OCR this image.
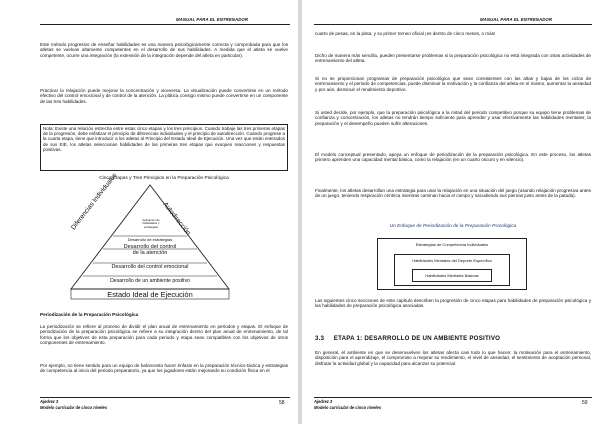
MANUAL PARA EL ENTRENADOR
Este método progresivo de enseñar habilidades es una manera psicológicamente correcta y comprobada para que los atletas se vuelvan altamente competentes en el desarrollo de sus habilidades. A medida que el atleta se vuelve competente, ocurre una integración (la extensión de la integración depende del atleta en particular).
Practicar la relajación puede mejorar la concentración y viceversa. La visualización puede convertirse en un método efectivo del control emocional y de control de la atención. La plática consigo mismo puede convertirse en un componente de las tres habilidades.
Nota: Existe una relación estrecha entre estas cinco etapas y los tres principios. Cuando trabaje las tres primeras etapas de la progresión, debe enfatizar el principio de diferencias individuales y el principio de autodirección. Cuando progrese a la cuarta etapa, tiene que introducir a los atletas al Principio del Estado Ideal de Ejecución. Una vez que están enterados de sus EIE, los atletas seleccionan habilidades de las primeras tres etapas que evoquen reacciones y respuestas positivas.
Cinco Etapas y Tres Principios en la Preparación Psicológica
Diferencias Individuales	Autodirección
Aplicación de
habilidades y
estrategias
Desarrollo de estrategias
Desarrollo del control
de la atención
Desarrollo del control emocional
Desarrollo de un ambiente positivo
Estado Ideal de Ejecución
Periodización de la Preparación Psicológica
La periodización se refiere al proceso de dividir el plan anual de entrenamiento en periodos y etapas. El enfoque de periodización de la preparación psicológica se refiere a su integración dentro del plan anual de entrenamiento, de tal forma que los objetivos de esta preparación para cada periodo y etapa sean compatibles con los objetivos de otros componentes de entrenamiento.
Por ejemplo, no tiene sentido para un equipo de baloncesto hacer énfasis en la preparación técnico-táctica y estrategias de competencia al inicio del periodo preparatorio, ya que los jugadores están mejorando su condición física en el
Ajedrez 3
Modelo curricular de cinco niveles
58
MANUAL PARA EL ENTRENADOR
cuarto de pesas, en la pista, y su primer torneo oficial ¡es dentro de cinco meses, o más!
Dicho de manera más sencilla, pueden presentarse problemas si la preparación psicológica no está integrada con otras actividades de entrenamiento del atleta.
Si no se proporcionan programas de preparación psicológica que sean consistentes con las altas y bajas de los ciclos de entrenamiento y el periodo de competencias, puede disminuir la motivación y la confianza del atleta en sí mismo, aumentar la ansiedad y por aún, disminuir el rendimiento deportivo.
Si usted decide, por ejemplo, que la preparación psicológica a la mitad del periodo competitivo porque su equipo tiene problemas de confianza y concentración, los atletas no tendrán tiempo suficiente para aprender y usar efectivamente las habilidades mentales; la preparación y el desempeño pueden sufrir alteraciones.
El modelo conceptual presentado, apoya un enfoque de periodización de la preparación psicológica. En este proceso, los atletas primero aprenden una capacidad mental básica, como la relajación (en un cuarto oscuro y en silencio).
Finalmente, los atletas desarrollan una estrategia para usar la relajación en una situación del juego (usando relajación progresiva antes de un juego, teniendo respiración céntrica mientras caminan hacia el campo y sacudiendo sus piernas justo antes de la patada).
Un Enfoque de Periodización de la Preparación Psicológica
Estrategias de Competencia Individuales
Habilidades Mentales del Deporte Específico
Habilidades Mentales Básicas
Las siguientes cinco secciones de este capítulo describen la progresión de cinco etapas para habilidades de preparación psicológica y las habilidades de preparación psicológica asociadas.
3.3     ETAPA 1: DESARROLLO DE UN AMBIENTE POSITIVO
En general, el ambiente en que se desenvuelven los atletas afecta casi todo lo que hacen: la motivación para el entrenamiento, disposición para el aprendizaje, el compromiso a mejorar su rendimiento, el nivel de ansiedad, el sentimiento de aceptación personal, disfrutar la actividad global y la capacidad para alcanzar su potencial.
Ajedrez 3
Modelo curricular de cinco niveles
59
